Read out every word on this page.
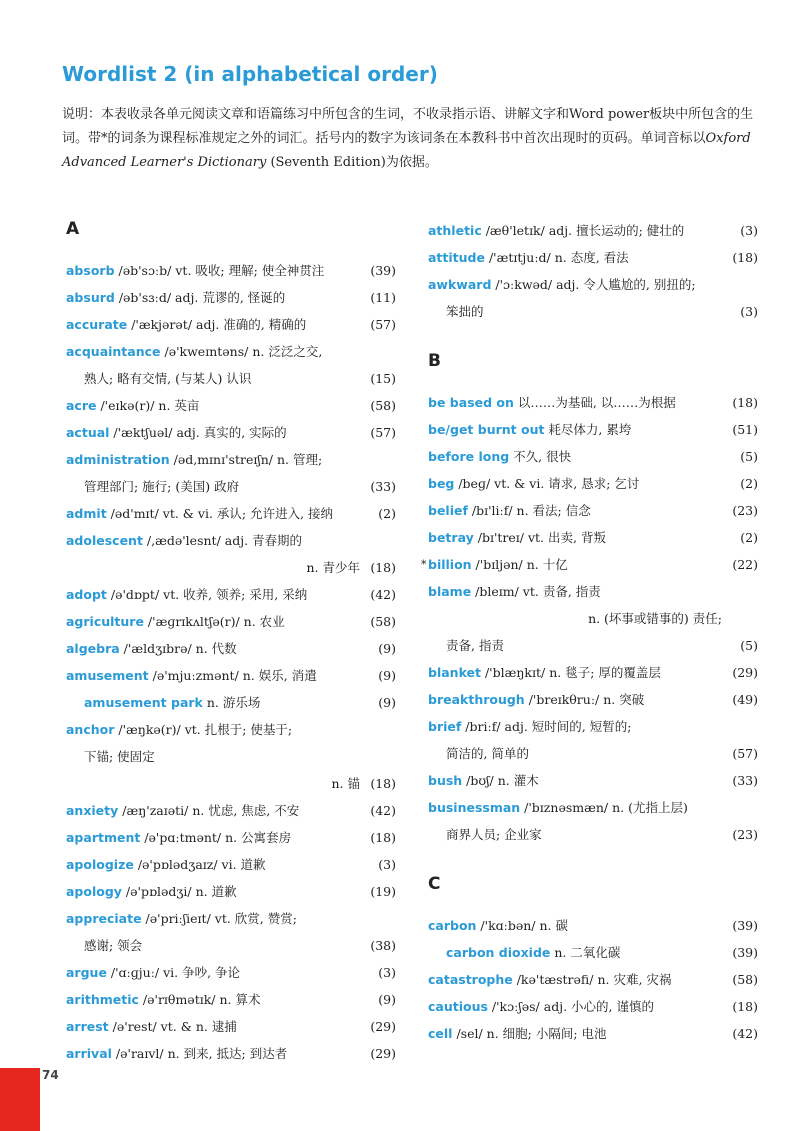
Wordlist 2 (in alphabetical order)
说明：本表收录各单元阅读文章和语篇练习中所包含的生词，不收录指示语、讲解文字和Word power板块中所包含的生词。带*的词条为课程标准规定之外的词汇。括号内的数字为该词条在本教科书中首次出现时的页码。单词音标以Oxford Advanced Learner's Dictionary (Seventh Edition)为依据。
A
absorb /əb'sɔːb/ vt. 吸收; 理解; 使全神贯注	(39)
absurd /əb'sɜːd/ adj. 荒谬的, 怪诞的	(11)
accurate /'ækjərət/ adj. 准确的, 精确的	(57)
acquaintance /ə'kweɪntəns/ n. 泛泛之交,
熟人; 略有交情, (与某人) 认识	(15)
acre /'eɪkə(r)/ n. 英亩	(58)
actual /'æktʃuəl/ adj. 真实的, 实际的	(57)
administration /əd,mɪnɪ'streɪʃn/ n. 管理;
管理部门; 施行; (美国) 政府	(33)
admit /əd'mɪt/ vt. & vi. 承认; 允许进入, 接纳	(2)
adolescent /,ædə'lesnt/ adj. 青春期的
n. 青少年 (18)
adopt /ə'dɒpt/ vt. 收养, 领养; 采用, 采纳	(42)
agriculture /'æɡrɪkʌltʃə(r)/ n. 农业	(58)
algebra /'ældʒɪbrə/ n. 代数	(9)
amusement /ə'mjuːzmənt/ n. 娱乐, 消遣	(9)
amusement park n. 游乐场	(9)
anchor /'æŋkə(r)/ vt. 扎根于; 使基于;
下锚; 使固定
n. 锚 (18)
anxiety /æŋ'zaɪəti/ n. 忧虑, 焦虑, 不安	(42)
apartment /ə'pɑːtmənt/ n. 公寓套房	(18)
apologize /ə'pɒlədʒaɪz/ vi. 道歉	(3)
apology /ə'pɒlədʒi/ n. 道歉	(19)
appreciate /ə'priːʃieɪt/ vt. 欣赏, 赞赏;
感谢; 领会	(38)
argue /'ɑːɡjuː/ vi. 争吵, 争论	(3)
arithmetic /ə'rɪθmətɪk/ n. 算术	(9)
arrest /ə'rest/ vt. & n. 逮捕	(29)
arrival /ə'raɪvl/ n. 到来, 抵达; 到达者	(29)
athletic /æθ'letɪk/ adj. 擅长运动的; 健壮的	(3)
attitude /'ætɪtjuːd/ n. 态度, 看法	(18)
awkward /'ɔːkwəd/ adj. 令人尴尬的, 别扭的;
笨拙的	(3)
B
be based on 以……为基础, 以……为根据	(18)
be/get burnt out 耗尽体力, 累垮	(51)
before long 不久, 很快	(5)
beg /beɡ/ vt. & vi. 请求, 恳求; 乞讨	(2)
belief /bɪ'liːf/ n. 看法; 信念	(23)
betray /bɪ'treɪ/ vt. 出卖, 背叛	(2)
* billion /'bɪljən/ n. 十亿	(22)
blame /bleɪm/ vt. 责备, 指责
n. (坏事或错事的) 责任;
责备, 指责	(5)
blanket /'blæŋkɪt/ n. 毯子; 厚的覆盖层	(29)
breakthrough /'breɪkθruː/ n. 突破	(49)
brief /briːf/ adj. 短时间的, 短暂的;
简洁的, 简单的	(57)
bush /bʊʃ/ n. 灌木	(33)
businessman /'bɪznəsmæn/ n. (尤指上层)
商界人员; 企业家	(23)
C
carbon /'kɑːbən/ n. 碳	(39)
carbon dioxide n. 二氧化碳	(39)
catastrophe /kə'tæstrəfi/ n. 灾难, 灾祸	(58)
cautious /'kɔːʃəs/ adj. 小心的, 谨慎的	(18)
cell /sel/ n. 细胞; 小隔间; 电池	(42)
74
